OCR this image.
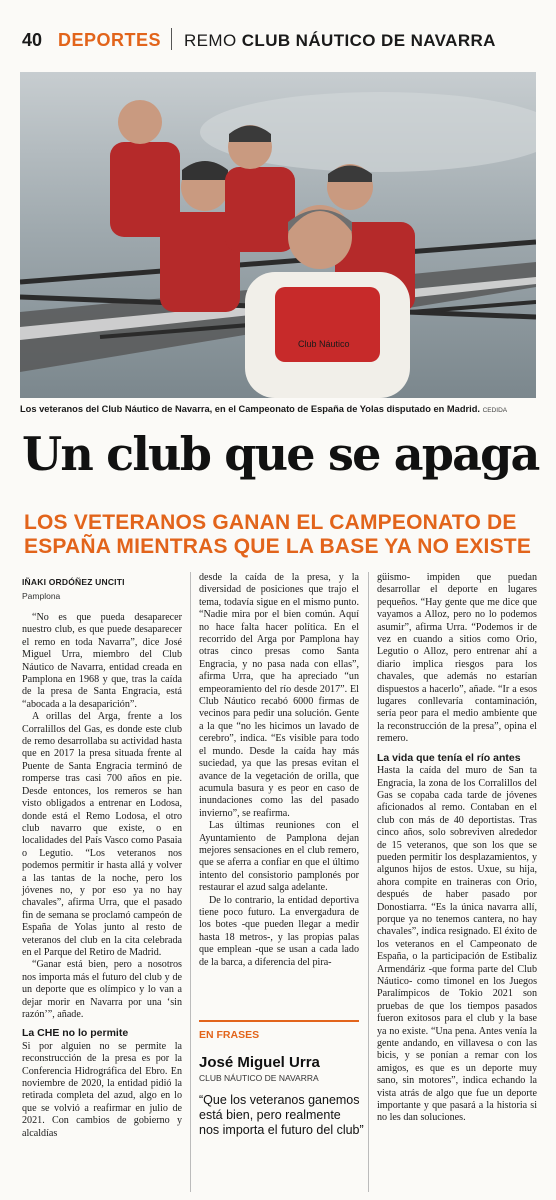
40 DEPORTES REMO CLUB NÁUTICO DE NAVARRA
Club Náutico
Los veteranos del Club Náutico de Navarra, en el Campeonato de España de Yolas disputado en Madrid. CEDIDA
Un club que se apaga
LOS VETERANOS GANAN EL CAMPEONATO DE ESPAÑA MIENTRAS QUE LA BASE YA NO EXISTE
IÑAKI ORDÓÑEZ UNCITI
Pamplona

“No es que pueda desaparecer nuestro club, es que puede desaparecer el remo en toda Navarra”, dice José Miguel Urra, miembro del Club Náutico de Navarra, entidad creada en Pamplona en 1968 y que, tras la caída de la presa de Santa Engracia, está “abocada a la desaparición”.

A orillas del Arga, frente a los Corralillos del Gas, es donde este club de remo desarrollaba su actividad hasta que en 2017 la presa situada frente al Puente de Santa Engracia terminó de romperse tras casi 700 años en pie. Desde entonces, los remeros se han visto obligados a entrenar en Lodosa, donde está el Remo Lodosa, el otro club navarro que existe, o en localidades del País Vasco como Pasaia o Legutio. “Los veteranos nos podemos permitir ir hasta allá y volver a las tantas de la noche, pero los jóvenes no, y por eso ya no hay chavales”, afirma Urra, que el pasado fin de semana se proclamó campeón de España de Yolas junto al resto de veteranos del club en la cita celebrada en el Parque del Retiro de Madrid.

“Ganar está bien, pero a nosotros nos importa más el futuro del club y de un deporte que es olímpico y lo van a dejar morir en Navarra por una ‘sin razón’”, añade.

La CHE no lo permite

Si por alguien no se permite la reconstrucción de la presa es por la Conferencia Hidrográfica del Ebro. En noviembre de 2020, la entidad pidió la retirada completa del azud, algo en lo que se volvió a reafirmar en julio de 2021. Con cambios de gobierno y alcaldías

desde la caída de la presa, y la diversidad de posiciones que trajo el tema, todavía sigue en el mismo punto. “Nadie mira por el bien común. Aquí no hace falta hacer política. En el recorrido del Arga por Pamplona hay otras cinco presas como Santa Engracia, y no pasa nada con ellas”, afirma Urra, que ha apreciado “un empeoramiento del río desde 2017”. El Club Náutico recabó 6000 firmas de vecinos para pedir una solución. Gente a la que “no les hicimos un lavado de cerebro”, indica. “Es visible para todo el mundo. Desde la caída hay más suciedad, ya que las presas evitan el avance de la vegetación de orilla, que acumula basura y es peor en caso de inundaciones como las del pasado invierno”, se reafirma.

Las últimas reuniones con el Ayuntamiento de Pamplona dejan mejores sensaciones en el club remero, que se aferra a confiar en que el último intento del consistorio pamplonés por restaurar el azud salga adelante.

De lo contrario, la entidad deportiva tiene poco futuro. La envergadura de los botes -que pueden llegar a medir hasta 18 metros-, y las propias palas que emplean -que se usan a cada lado de la barca, a diferencia del pira-

EN FRASES
José Miguel Urra
CLUB NÁUTICO DE NAVARRA
“Que los veteranos ganemos está bien, pero realmente nos importa el futuro del club”

güismo- impiden que puedan desarrollar el deporte en lugares pequeños. “Hay gente que me dice que vayamos a Alloz, pero no lo podemos asumir”, afirma Urra. “Podemos ir de vez en cuando a sitios como Orio, Legutio o Alloz, pero entrenar ahí a diario implica riesgos para los chavales, que además no estarían dispuestos a hacerlo”, añade. “Ir a esos lugares conllevaría contaminación, sería peor para el medio ambiente que la reconstrucción de la presa”, opina el remero.

La vida que tenía el río antes

Hasta la caída del muro de San ta Engracia, la zona de los Corralillos del Gas se copaba cada tarde de jóvenes aficionados al remo. Contaban en el club con más de 40 deportistas. Tras cinco años, solo sobreviven alrededor de 15 veteranos, que son los que se pueden permitir los desplazamientos, y algunos hijos de estos. Uxue, su hija, ahora compite en traineras con Orio, después de haber pasado por Donostiarra. “Es la única navarra allí, porque ya no tenemos cantera, no hay chavales”, indica resignado. El éxito de los veteranos en el Campeonato de España, o la participación de Estibaliz Armendáriz -que forma parte del Club Náutico- como timonel en los Juegos Paralímpicos de Tokio 2021 son pruebas de que los tiempos pasados fueron exitosos para el club y la base ya no existe. “Una pena. Antes venía la gente andando, en villavesa o con las bicis, y se ponían a remar con los amigos, es que es un deporte muy sano, sin motores”, indica echando la vista atrás de algo que fue un deporte importante y que pasará a la historia si no les dan soluciones.
